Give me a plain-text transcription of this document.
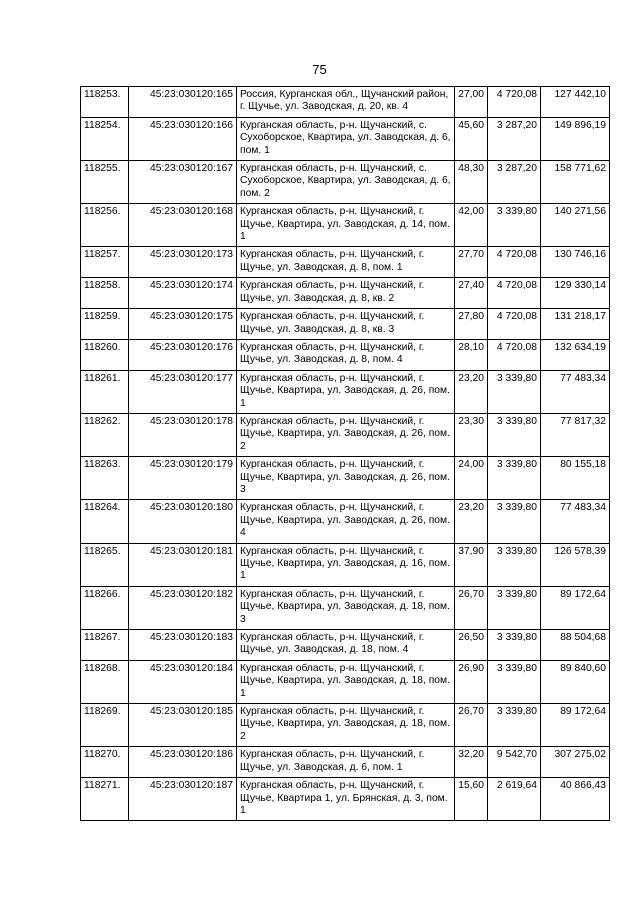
75
118253.	45:23:030120:165	Россия, Курганская обл., Щучанский район, г. Щучье, ул. Заводская, д. 20, кв. 4	27,00	4 720,08	127 442,10
118254.	45:23:030120:166	Курганская область, р-н. Щучанский, с. Сухоборское, Квартира, ул. Заводская, д. 6, пом. 1	45,60	3 287,20	149 896,19
118255.	45:23:030120:167	Курганская область, р-н. Щучанский, с. Сухоборское, Квартира, ул. Заводская, д. 6, пом. 2	48,30	3 287,20	158 771,62
118256.	45:23:030120:168	Курганская область, р-н. Щучанский, г. Щучье, Квартира, ул. Заводская, д. 14, пом. 1	42,00	3 339,80	140 271,56
118257.	45:23:030120:173	Курганская область, р-н. Щучанский, г. Щучье, ул. Заводская, д. 8, пом. 1	27,70	4 720,08	130 746,16
118258.	45:23:030120:174	Курганская область, р-н. Щучанский, г. Щучье, ул. Заводская, д. 8, кв. 2	27,40	4 720,08	129 330,14
118259.	45:23:030120:175	Курганская область, р-н. Щучанский, г. Щучье, ул. Заводская, д. 8, кв. 3	27,80	4 720,08	131 218,17
118260.	45:23:030120:176	Курганская область, р-н. Щучанский, г. Щучье, ул. Заводская, д. 8, пом. 4	28,10	4 720,08	132 634,19
118261.	45:23:030120:177	Курганская область, р-н. Щучанский, г. Щучье, Квартира, ул. Заводская, д. 26, пом. 1	23,20	3 339,80	77 483,34
118262.	45:23:030120:178	Курганская область, р-н. Щучанский, г. Щучье, Квартира, ул. Заводская, д. 26, пом. 2	23,30	3 339,80	77 817,32
118263.	45:23:030120:179	Курганская область, р-н. Щучанский, г. Щучье, Квартира, ул. Заводская, д. 26, пом. 3	24,00	3 339,80	80 155,18
118264.	45:23:030120:180	Курганская область, р-н. Щучанский, г. Щучье, Квартира, ул. Заводская, д. 26, пом. 4	23,20	3 339,80	77 483,34
118265.	45:23:030120:181	Курганская область, р-н. Щучанский, г. Щучье, Квартира, ул. Заводская, д. 16, пом. 1	37,90	3 339,80	126 578,39
118266.	45:23:030120:182	Курганская область, р-н. Щучанский, г. Щучье, Квартира, ул. Заводская, д. 18, пом. 3	26,70	3 339,80	89 172,64
118267.	45:23:030120:183	Курганская область, р-н. Щучанский, г. Щучье, ул. Заводская, д. 18, пом. 4	26,50	3 339,80	88 504,68
118268.	45:23:030120:184	Курганская область, р-н. Щучанский, г. Щучье, Квартира, ул. Заводская, д. 18, пом. 1	26,90	3 339,80	89 840,60
118269.	45:23:030120:185	Курганская область, р-н. Щучанский, г. Щучье, Квартира, ул. Заводская, д. 18, пом. 2	26,70	3 339,80	89 172,64
118270.	45:23:030120:186	Курганская область, р-н. Щучанский, г. Щучье, ул. Заводская, д. 6, пом. 1	32,20	9 542,70	307 275,02
118271.	45:23:030120:187	Курганская область, р-н. Щучанский, г. Щучье, Квартира 1, ул. Брянская, д. 3, пом. 1	15,60	2 619,64	40 866,43
